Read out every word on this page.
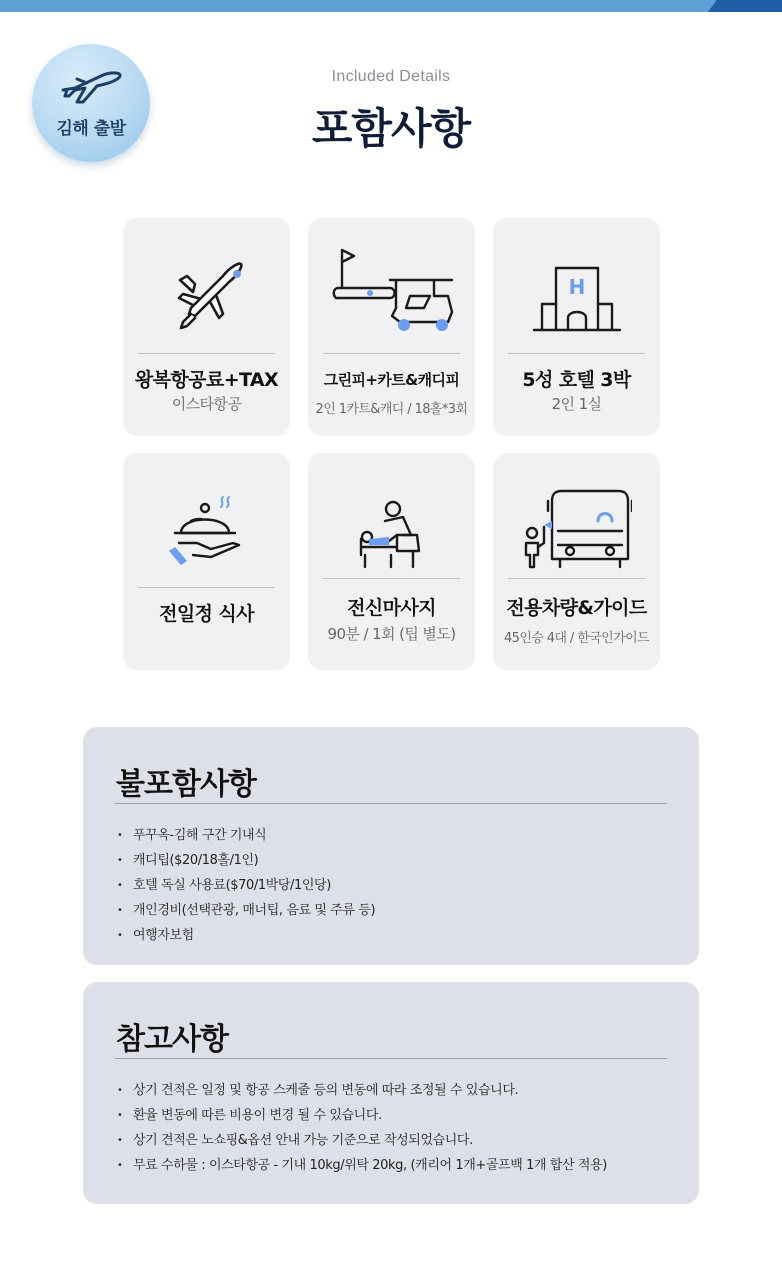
김해 출발
Included Details
포함사항
왕복항공료+TAX
이스타항공
그린피+카트&캐디피
2인 1카트&캐디 / 18홀*3회
H
5성 호텔 3박
2인 1실
전일정 식사	전신마사지
90분 / 1회 (팁 별도)
전용차량&가이드
45인승 4대 / 한국인가이드
불포함사항
• 푸꾸옥-김해 구간 기내식
• 캐디팁($20/18홀/1인)
• 호텔 독실 사용료($70/1박당/1인당)
• 개인경비(선택관광, 매너팁, 음료 및 주류 등)
• 여행자보험
참고사항
• 상기 견적은 일정 및 항공 스케줄 등의 변동에 따라 조정될 수 있습니다.
• 환율 변동에 따른 비용이 변경 될 수 있습니다.
• 상기 견적은 노쇼핑&옵션 안내 가능 기준으로 작성되었습니다.
• 무료 수하물 : 이스타항공 - 기내 10kg/위탁 20kg, (캐리어 1개+골프백 1개 합산 적용)
